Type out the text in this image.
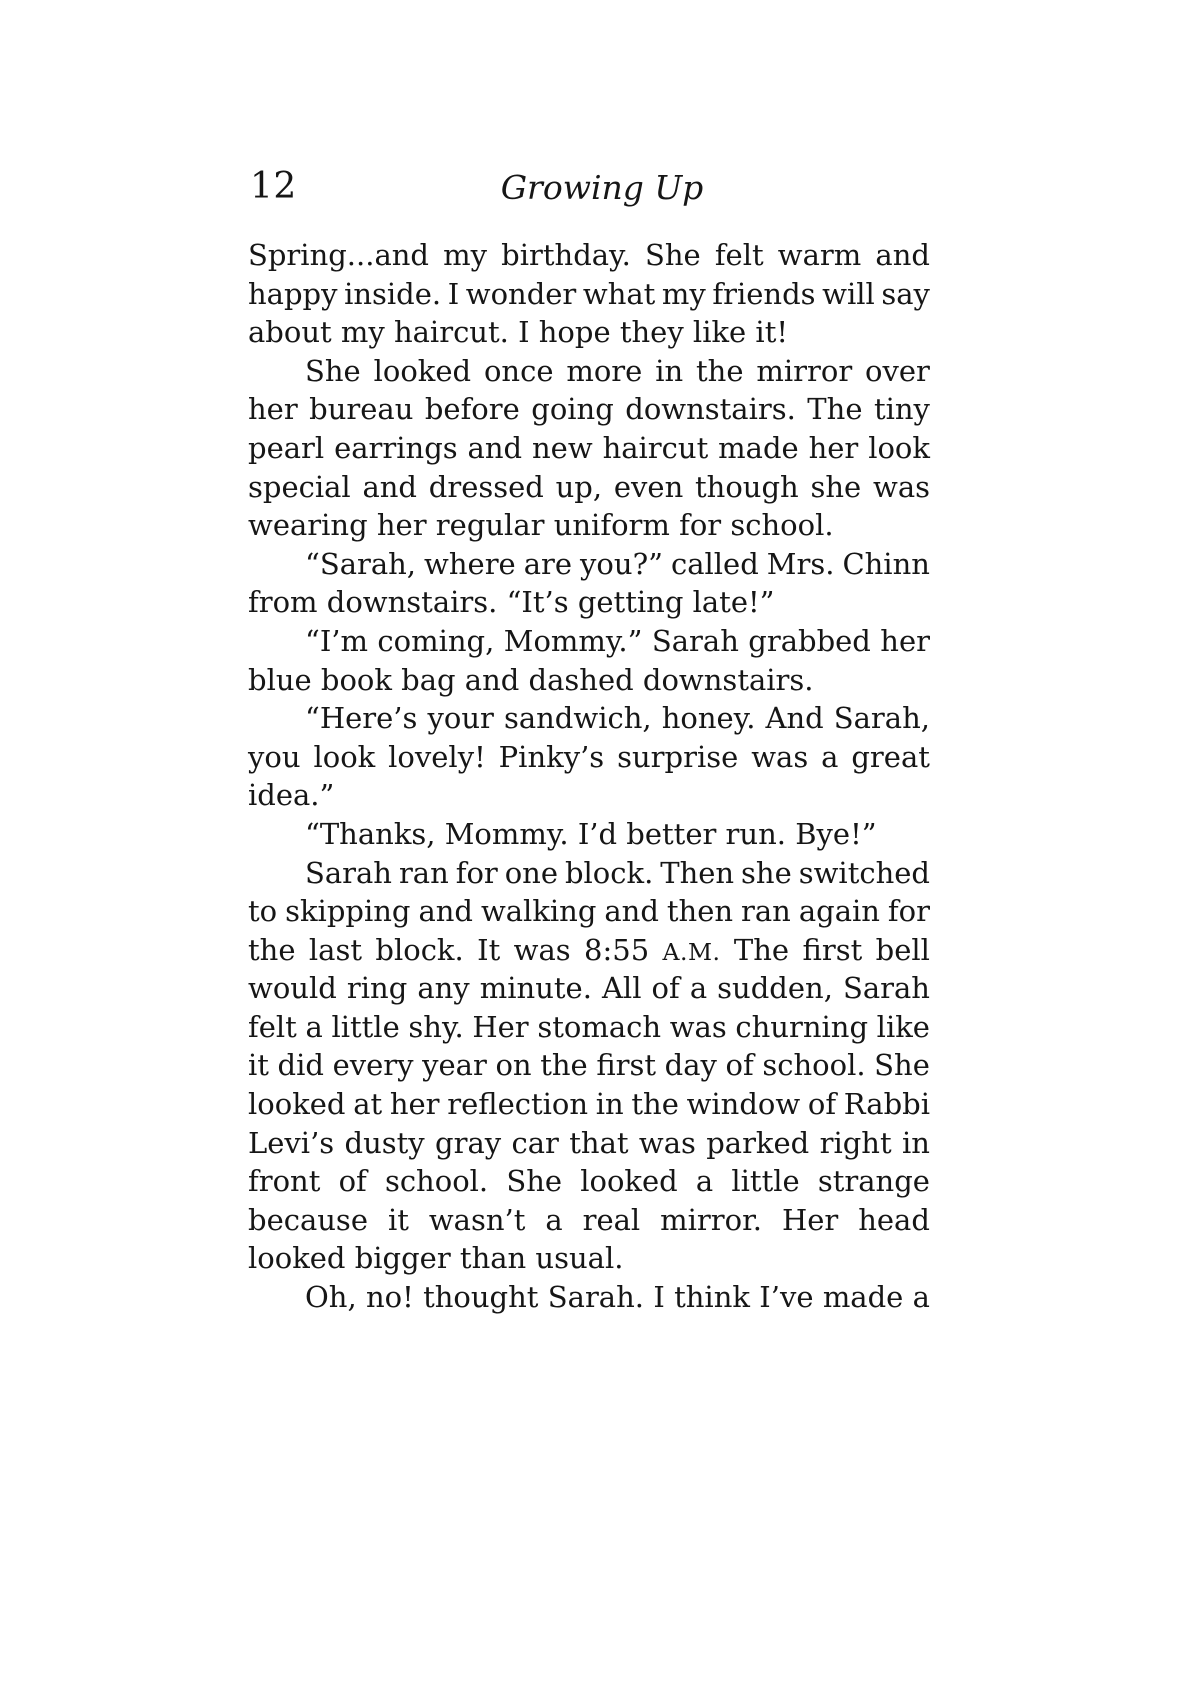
12	Growing Up
Spring...and my birthday. She felt warm and
happy inside. I wonder what my friends will say
about my haircut. I hope they like it!
She looked once more in the mirror over
her bureau before going downstairs. The tiny
pearl earrings and new haircut made her look
special and dressed up, even though she was
wearing her regular uniform for school.
“Sarah, where are you?” called Mrs. Chinn
from downstairs. “It’s getting late!”
“I’m coming, Mommy.” Sarah grabbed her
blue book bag and dashed downstairs.
“Here’s your sandwich, honey. And Sarah,
you look lovely! Pinky’s surprise was a great
idea.”
“Thanks, Mommy. I’d better run. Bye!”
Sarah ran for one block. Then she switched
to skipping and walking and then ran again for
the last block. It was 8:55 A.M. The first bell
would ring any minute. All of a sudden, Sarah
felt a little shy. Her stomach was churning like
it did every year on the first day of school. She
looked at her reflection in the window of Rabbi
Levi’s dusty gray car that was parked right in
front of school. She looked a little strange
because it wasn’t a real mirror. Her head
looked bigger than usual.
Oh, no! thought Sarah. I think I’ve made a
